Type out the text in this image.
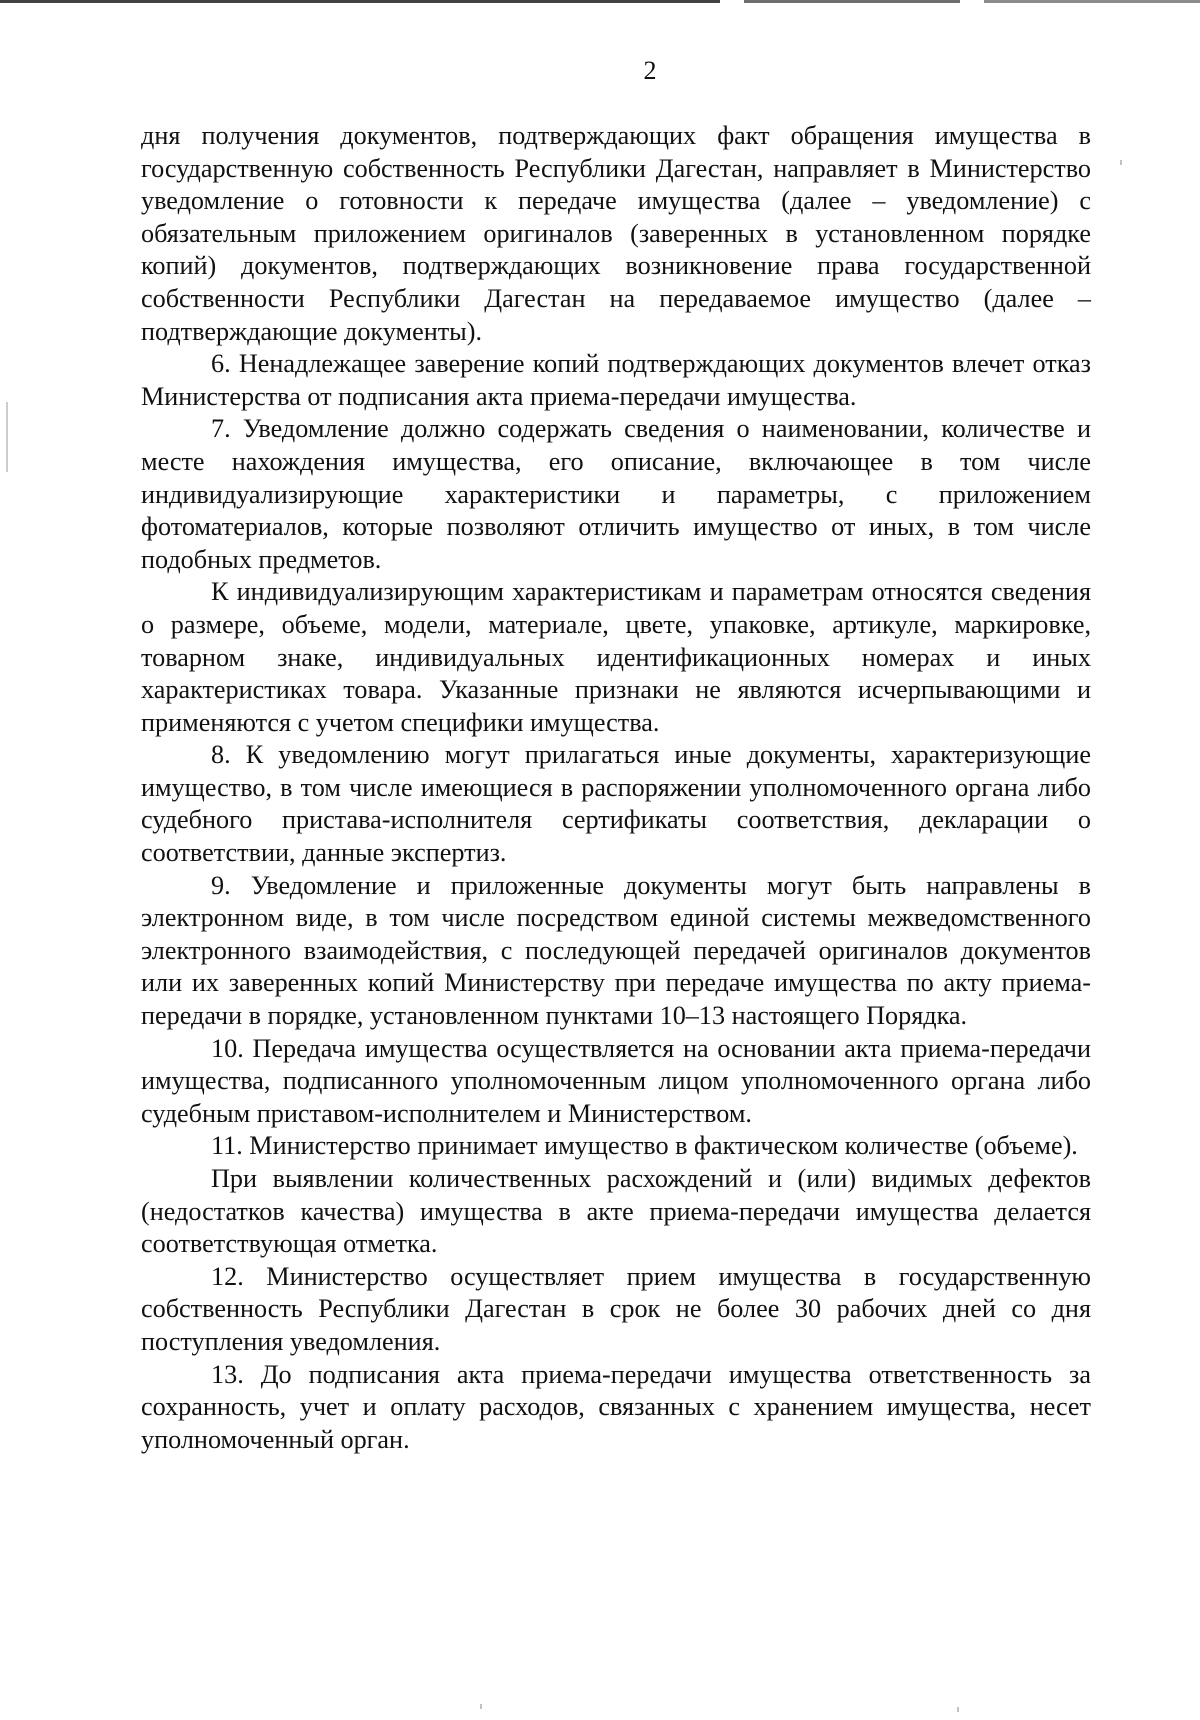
2

дня получения документов, подтверждающих факт обращения имущества в государственную собственность Республики Дагестан, направляет в Министерство уведомление о готовности к передаче имущества (далее – уведомление) с обязательным приложением оригиналов (заверенных в установленном порядке копий) документов, подтверждающих возникновение права государственной собственности Республики Дагестан на передаваемое имущество (далее – подтверждающие документы).

6. Ненадлежащее заверение копий подтверждающих документов влечет отказ Министерства от подписания акта приема-передачи имущества.

7. Уведомление должно содержать сведения о наименовании, количестве и месте нахождения имущества, его описание, включающее в том числе индивидуализирующие характеристики и параметры, с приложением фотоматериалов, которые позволяют отличить имущество от иных, в том числе подобных предметов.

К индивидуализирующим характеристикам и параметрам относятся сведения о размере, объеме, модели, материале, цвете, упаковке, артикуле, маркировке, товарном знаке, индивидуальных идентификационных номерах и иных характеристиках товара. Указанные признаки не являются исчерпывающими и применяются с учетом специфики имущества.

8. К уведомлению могут прилагаться иные документы, характеризующие имущество, в том числе имеющиеся в распоряжении уполномоченного органа либо судебного пристава-исполнителя сертификаты соответствия, декларации о соответствии, данные экспертиз.

9. Уведомление и приложенные документы могут быть направлены в электронном виде, в том числе посредством единой системы межведомственного электронного взаимодействия, с последующей передачей оригиналов документов или их заверенных копий Министерству при передаче имущества по акту приема-передачи в порядке, установленном пунктами 10–13 настоящего Порядка.

10. Передача имущества осуществляется на основании акта приема-передачи имущества, подписанного уполномоченным лицом уполномоченного органа либо судебным приставом-исполнителем и Министерством.

11. Министерство принимает имущество в фактическом количестве (объеме).

При выявлении количественных расхождений и (или) видимых дефектов (недостатков качества) имущества в акте приема-передачи имущества делается соответствующая отметка.

12. Министерство осуществляет прием имущества в государственную собственность Республики Дагестан в срок не более 30 рабочих дней со дня поступления уведомления.

13. До подписания акта приема-передачи имущества ответственность за сохранность, учет и оплату расходов, связанных с хранением имущества, несет уполномоченный орган.
